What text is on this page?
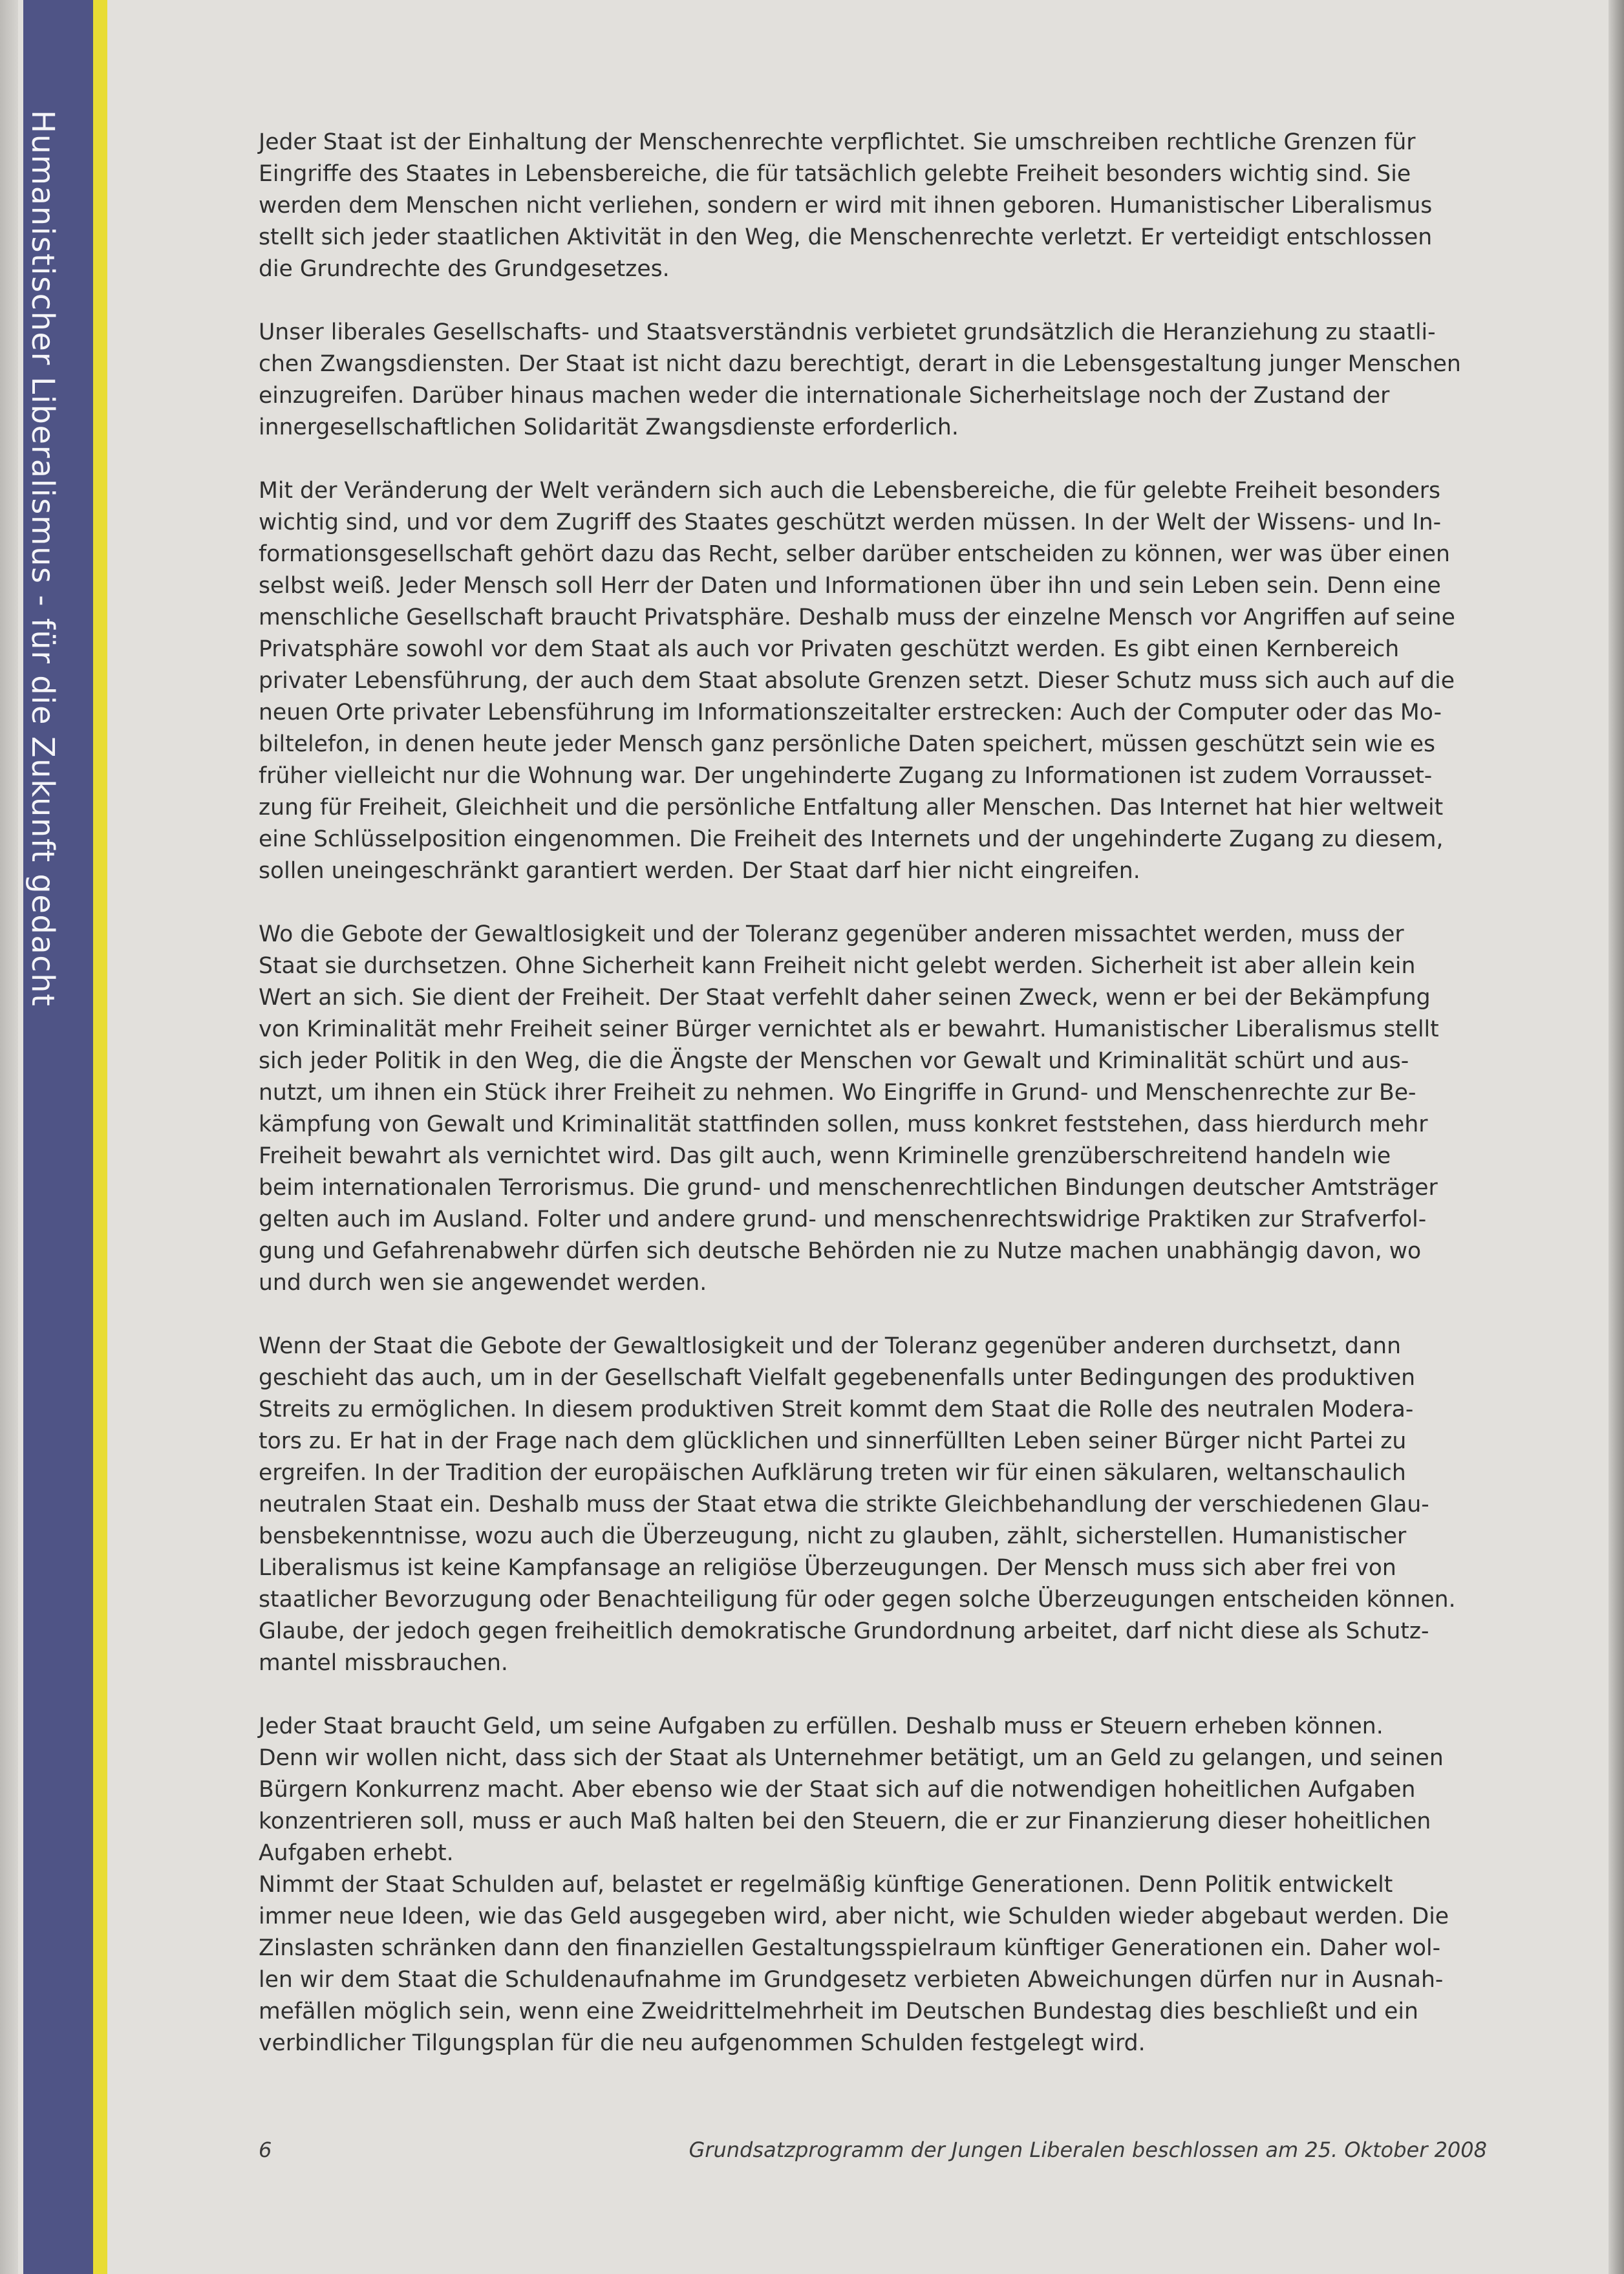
Humanistischer Liberalismus - für die Zukunft gedacht	Jeder Staat ist der Einhaltung der Menschenrechte verpflichtet. Sie umschreiben rechtliche Grenzen für
Eingriffe des Staates in Lebensbereiche, die für tatsächlich gelebte Freiheit besonders wichtig sind. Sie
werden dem Menschen nicht verliehen, sondern er wird mit ihnen geboren. Humanistischer Liberalismus
stellt sich jeder staatlichen Aktivität in den Weg, die Menschenrechte verletzt. Er verteidigt entschlossen
die Grundrechte des Grundgesetzes.
Unser liberales Gesellschafts- und Staatsverständnis verbietet grundsätzlich die Heranziehung zu staatli-
chen Zwangsdiensten. Der Staat ist nicht dazu berechtigt, derart in die Lebensgestaltung junger Menschen
einzugreifen. Darüber hinaus machen weder die internationale Sicherheitslage noch der Zustand der
innergesellschaftlichen Solidarität Zwangsdienste erforderlich.
Mit der Veränderung der Welt verändern sich auch die Lebensbereiche, die für gelebte Freiheit besonders
wichtig sind, und vor dem Zugriff des Staates geschützt werden müssen. In der Welt der Wissens- und In-
formationsgesellschaft gehört dazu das Recht, selber darüber entscheiden zu können, wer was über einen
selbst weiß. Jeder Mensch soll Herr der Daten und Informationen über ihn und sein Leben sein. Denn eine
menschliche Gesellschaft braucht Privatsphäre. Deshalb muss der einzelne Mensch vor Angriffen auf seine
Privatsphäre sowohl vor dem Staat als auch vor Privaten geschützt werden. Es gibt einen Kernbereich
privater Lebensführung, der auch dem Staat absolute Grenzen setzt. Dieser Schutz muss sich auch auf die
neuen Orte privater Lebensführung im Informationszeitalter erstrecken: Auch der Computer oder das Mo-
biltelefon, in denen heute jeder Mensch ganz persönliche Daten speichert, müssen geschützt sein wie es
früher vielleicht nur die Wohnung war. Der ungehinderte Zugang zu Informationen ist zudem Vorrausset-
zung für Freiheit, Gleichheit und die persönliche Entfaltung aller Menschen. Das Internet hat hier weltweit
eine Schlüsselposition eingenommen. Die Freiheit des Internets und der ungehinderte Zugang zu diesem,
sollen uneingeschränkt garantiert werden. Der Staat darf hier nicht eingreifen.
Wo die Gebote der Gewaltlosigkeit und der Toleranz gegenüber anderen missachtet werden, muss der
Staat sie durchsetzen. Ohne Sicherheit kann Freiheit nicht gelebt werden. Sicherheit ist aber allein kein
Wert an sich. Sie dient der Freiheit. Der Staat verfehlt daher seinen Zweck, wenn er bei der Bekämpfung
von Kriminalität mehr Freiheit seiner Bürger vernichtet als er bewahrt. Humanistischer Liberalismus stellt
sich jeder Politik in den Weg, die die Ängste der Menschen vor Gewalt und Kriminalität schürt und aus-
nutzt, um ihnen ein Stück ihrer Freiheit zu nehmen. Wo Eingriffe in Grund- und Menschenrechte zur Be-
kämpfung von Gewalt und Kriminalität stattfinden sollen, muss konkret feststehen, dass hierdurch mehr
Freiheit bewahrt als vernichtet wird. Das gilt auch, wenn Kriminelle grenzüberschreitend handeln wie
beim internationalen Terrorismus. Die grund- und menschenrechtlichen Bindungen deutscher Amtsträger
gelten auch im Ausland. Folter und andere grund- und menschenrechtswidrige Praktiken zur Strafverfol-
gung und Gefahrenabwehr dürfen sich deutsche Behörden nie zu Nutze machen unabhängig davon, wo
und durch wen sie angewendet werden.
Wenn der Staat die Gebote der Gewaltlosigkeit und der Toleranz gegenüber anderen durchsetzt, dann
geschieht das auch, um in der Gesellschaft Vielfalt gegebenenfalls unter Bedingungen des produktiven
Streits zu ermöglichen. In diesem produktiven Streit kommt dem Staat die Rolle des neutralen Moderа-
tors zu. Er hat in der Frage nach dem glücklichen und sinnerfüllten Leben seiner Bürger nicht Partei zu
ergreifen. In der Tradition der europäischen Aufklärung treten wir für einen säkularen, weltanschaulich
neutralen Staat ein. Deshalb muss der Staat etwa die strikte Gleichbehandlung der verschiedenen Glau-
bensbekenntnisse, wozu auch die Überzeugung, nicht zu glauben, zählt, sicherstellen. Humanistischer
Liberalismus ist keine Kampfansage an religiöse Überzeugungen. Der Mensch muss sich aber frei von
staatlicher Bevorzugung oder Benachteiligung für oder gegen solche Überzeugungen entscheiden können.
Glaube, der jedoch gegen freiheitlich demokratische Grundordnung arbeitet, darf nicht diese als Schutz-
mantel missbrauchen.
Jeder Staat braucht Geld, um seine Aufgaben zu erfüllen. Deshalb muss er Steuern erheben können.
Denn wir wollen nicht, dass sich der Staat als Unternehmer betätigt, um an Geld zu gelangen, und seinen
Bürgern Konkurrenz macht. Aber ebenso wie der Staat sich auf die notwendigen hoheitlichen Aufgaben
konzentrieren soll, muss er auch Maß halten bei den Steuern, die er zur Finanzierung dieser hoheitlichen
Aufgaben erhebt.
Nimmt der Staat Schulden auf, belastet er regelmäßig künftige Generationen. Denn Politik entwickelt
immer neue Ideen, wie das Geld ausgegeben wird, aber nicht, wie Schulden wieder abgebaut werden. Die
Zinslasten schränken dann den finanziellen Gestaltungsspielraum künftiger Generationen ein. Daher wol-
len wir dem Staat die Schuldenaufnahme im Grundgesetz verbieten Abweichungen dürfen nur in Ausnah-
mefällen möglich sein, wenn eine Zweidrittelmehrheit im Deutschen Bundestag dies beschließt und ein
verbindlicher Tilgungsplan für die neu aufgenommen Schulden festgelegt wird.
6	Grundsatzprogramm der Jungen Liberalen beschlossen am 25. Oktober 2008
